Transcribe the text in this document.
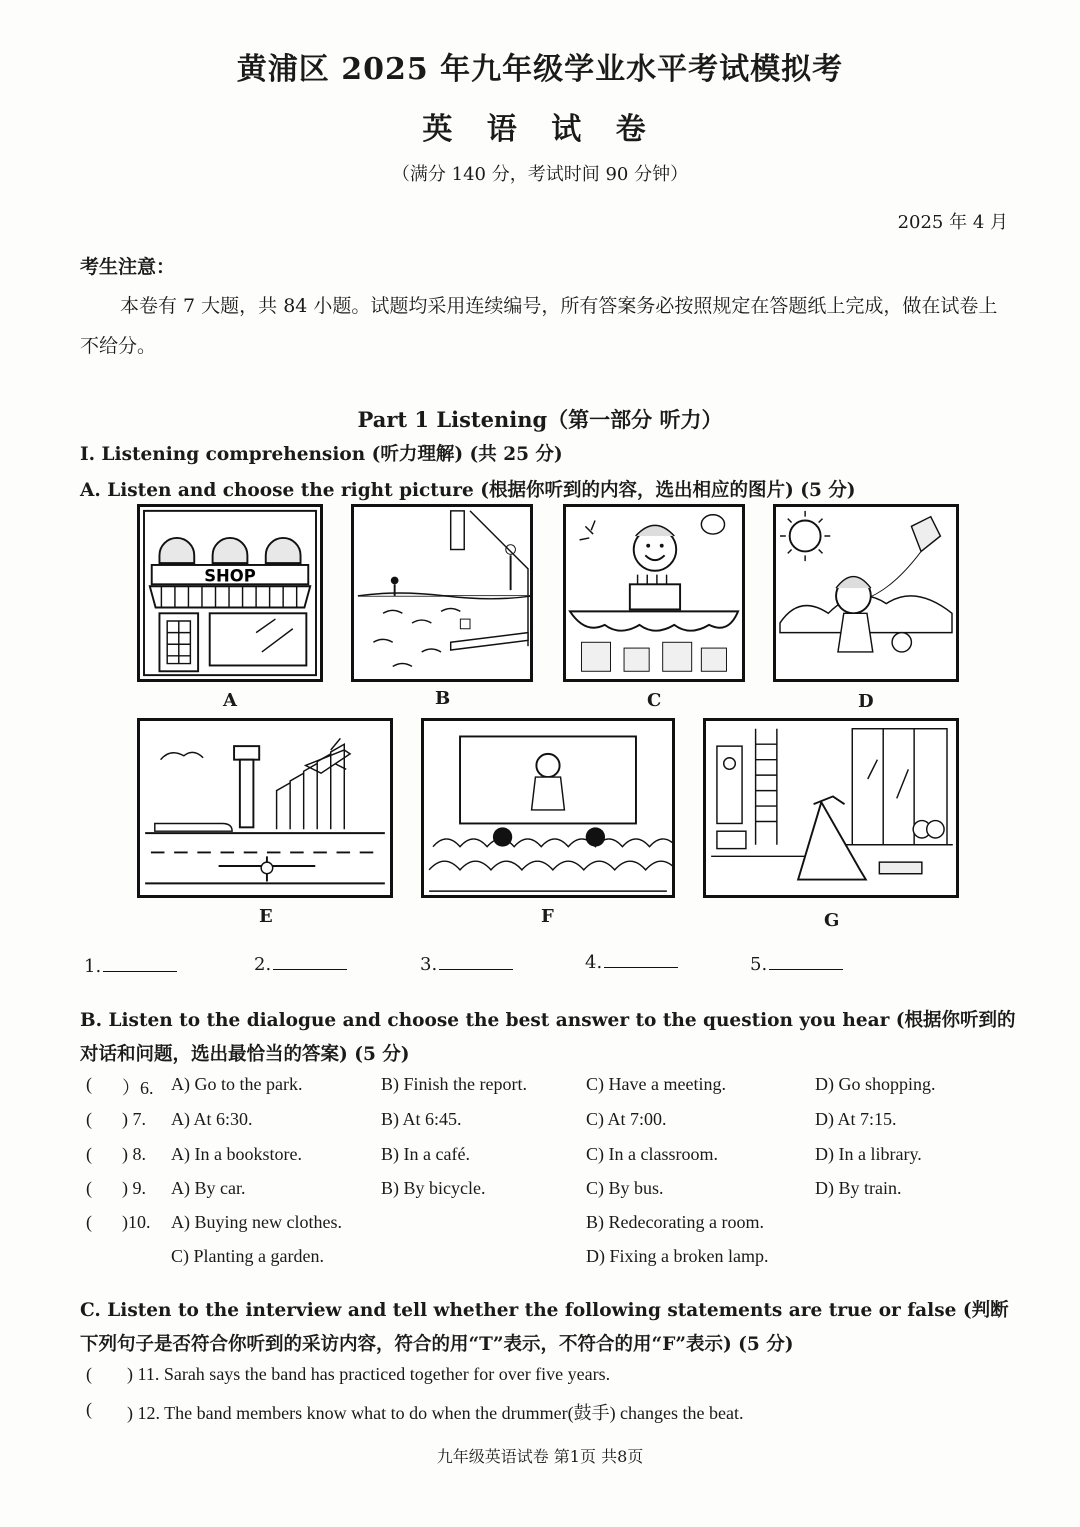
黄浦区 2025 年九年级学业水平考试模拟考
英 语 试 卷
（满分 140 分，考试时间 90 分钟）
2025 年 4 月
考生注意：
本卷有 7 大题，共 84 小题。试题均采用连续编号，所有答案务必按照规定在答题纸上完成，做在试卷上不给分。
Part 1 Listening（第一部分 听力）
I. Listening comprehension (听力理解) (共 25 分)
A. Listen and choose the right picture (根据你听到的内容，选出相应的图片) (5 分)
SHOP
A	B	C	D
E	F	G
1.	2.	3.	4.	5.
B. Listen to the dialogue and choose the best answer to the question you hear (根据你听到的对话和问题，选出最恰当的答案) (5 分)
( ）6. A) Go to the park.	B) Finish the report.	C) Have a meeting.	D) Go shopping.
( ) 7. A) At 6:30.	B) At 6:45.	C) At 7:00.	D) At 7:15.
( ) 8. A) In a bookstore.	B) In a café.	C) In a classroom.	D) In a library.
( ) 9. A) By car.	B) By bicycle.	C) By bus.	D) By train.
( )10. A) Buying new clothes.	B) Redecorating a room.
C) Planting a garden.	D) Fixing a broken lamp.
C. Listen to the interview and tell whether the following statements are true or false (判断下列句子是否符合你听到的采访内容，符合的用“T”表示，不符合的用“F”表示) (5 分)
( ) 11. Sarah says the band has practiced together for over five years.
( ) 12. The band members know what to do when the drummer(鼓手) changes the beat.
九年级英语试卷 第1页 共8页
